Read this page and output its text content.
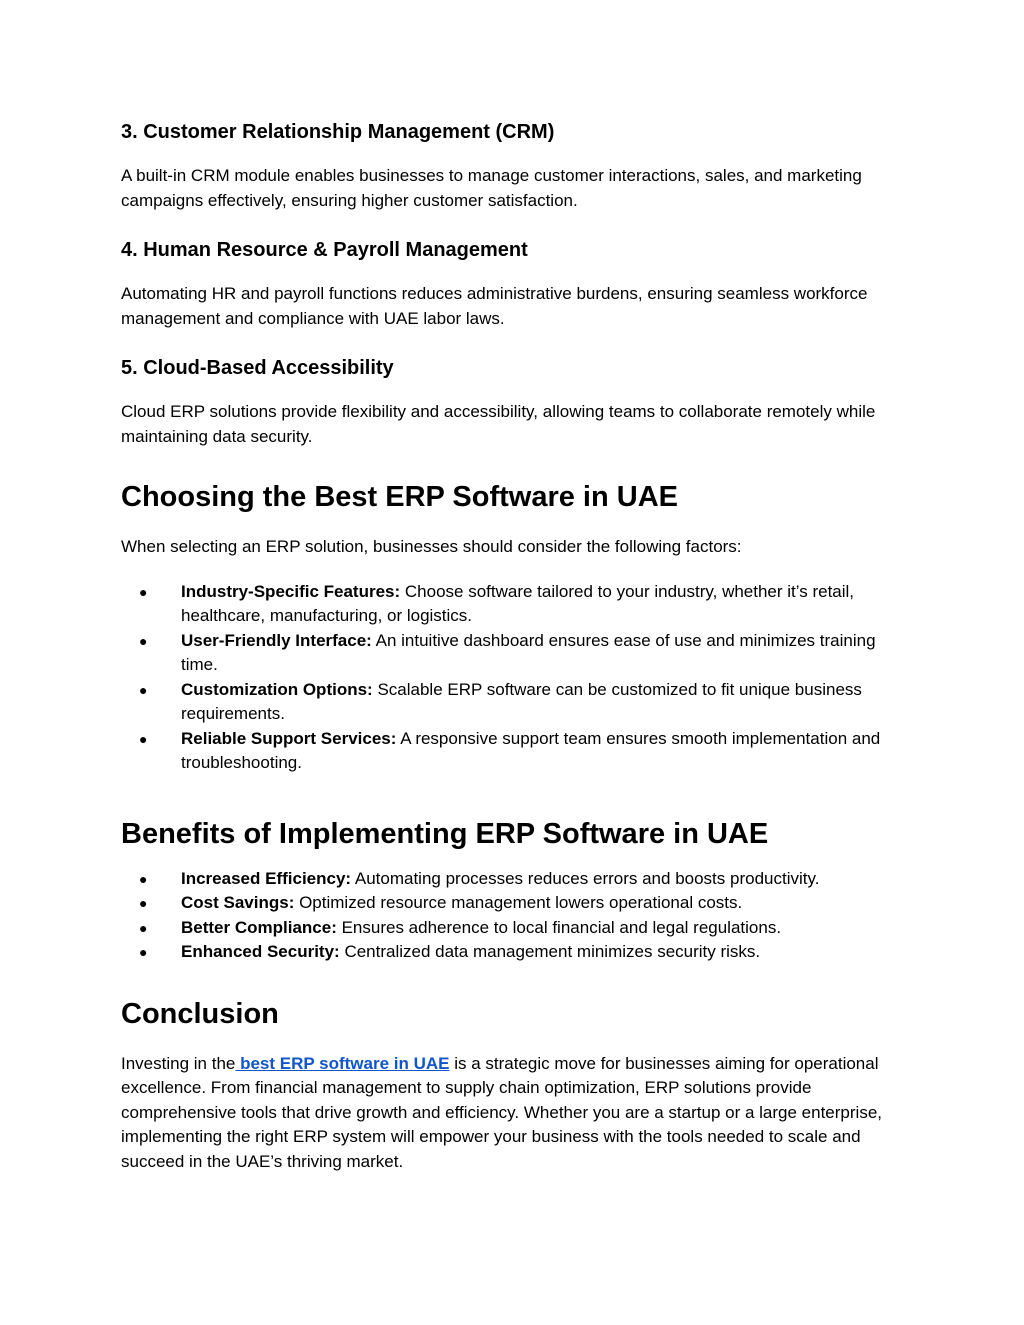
3. Customer Relationship Management (CRM)

A built-in CRM module enables businesses to manage customer interactions, sales, and marketing campaigns effectively, ensuring higher customer satisfaction.

4. Human Resource & Payroll Management

Automating HR and payroll functions reduces administrative burdens, ensuring seamless workforce management and compliance with UAE labor laws.

5. Cloud-Based Accessibility

Cloud ERP solutions provide flexibility and accessibility, allowing teams to collaborate remotely while maintaining data security.

Choosing the Best ERP Software in UAE

When selecting an ERP solution, businesses should consider the following factors:

● Industry-Specific Features: Choose software tailored to your industry, whether it’s retail, healthcare, manufacturing, or logistics.
● User-Friendly Interface: An intuitive dashboard ensures ease of use and minimizes training time.
● Customization Options: Scalable ERP software can be customized to fit unique business requirements.
● Reliable Support Services: A responsive support team ensures smooth implementation and troubleshooting.
Benefits of Implementing ERP Software in UAE
● Increased Efficiency: Automating processes reduces errors and boosts productivity.
● Cost Savings: Optimized resource management lowers operational costs.
● Better Compliance: Ensures adherence to local financial and legal regulations.
● Enhanced Security: Centralized data management minimizes security risks.
Conclusion

Investing in the best ERP software in UAE is a strategic move for businesses aiming for operational excellence. From financial management to supply chain optimization, ERP solutions provide comprehensive tools that drive growth and efficiency. Whether you are a startup or a large enterprise, implementing the right ERP system will empower your business with the tools needed to scale and succeed in the UAE’s thriving market.
